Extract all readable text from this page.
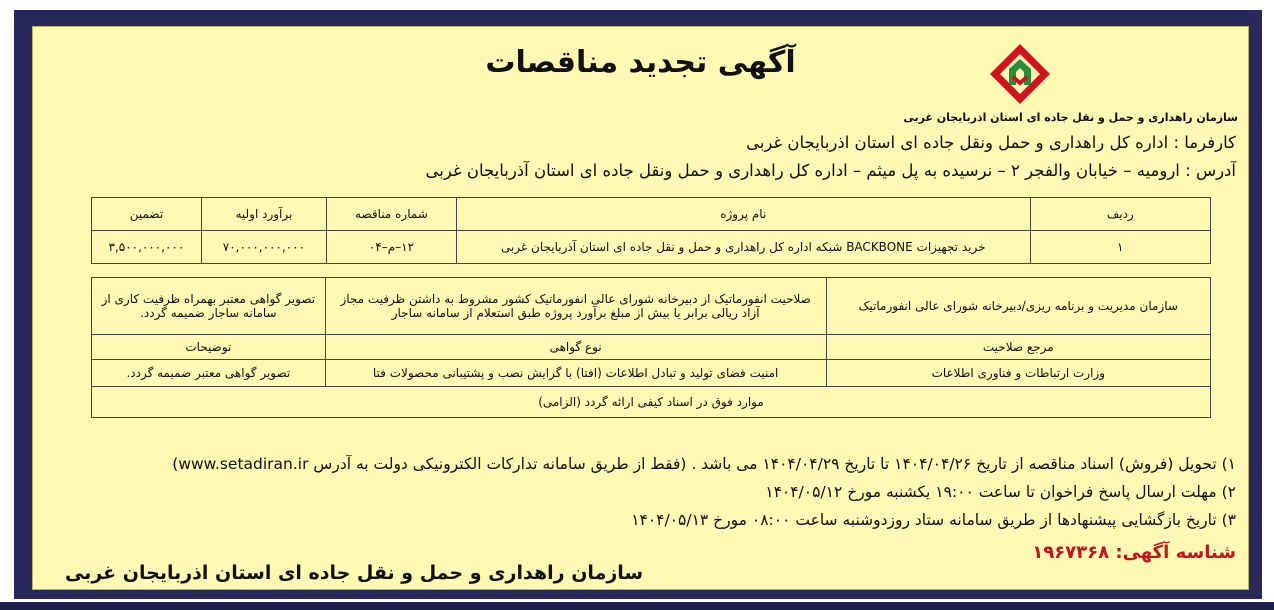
آگهی تجدید مناقصات
سازمان راهداری و حمل و نقل جاده ای استان اذربایجان غربی
کارفرما : اداره کل راهداری و حمل ونقل جاده ای استان اذربایجان غربی
آدرس : ارومیه – خیابان والفجر ۲ – نرسیده به پل میثم – اداره کل راهداری و حمل ونقل جاده ای استان آذربایجان غربی
ردیف	نام پروژه	شماره مناقصه	برآورد اولیه	تضمین
۱	خرید تجهیزات BACKBONE شبکه اداره کل راهداری و حمل و نقل جاده ای استان آذربایجان غربی	۱۲–م–۰۴	۷۰,۰۰۰,۰۰۰,۰۰۰	۳,۵۰۰,۰۰۰,۰۰۰
سازمان مدیریت و برنامه ریزی/دبیرخانه شورای عالی انفورماتیک	صلاحیت انفورماتیک از دبیرخانه شورای عالی انفورماتیک کشور مشروط به داشتن ظرفیت مجاز آزاد ریالی برابر یا بیش از مبلغ برآورد پروژه طبق استعلام از سامانه ساجار	تصویر گواهی معتبر بهمراه ظرفیت کاری از سامانه ساجار ضمیمه گردد.
مرجع صلاحیت	نوع گواهی	توضیحات
وزارت ارتباطات و فناوری اطلاعات	امنیت فضای تولید و تبادل اطلاعات (افتا) با گرایش نصب و پشتیبانی محصولات فتا	تصویر گواهی معتبر ضمیمه گردد.
موارد فوق در اسناد کیفی ارائه گردد (الزامی)		
۱) تحویل (فروش) اسناد مناقصه از تاریخ ۱۴۰۴/۰۴/۲۶ تا تاریخ ۱۴۰۴/۰۴/۲۹ می باشد . (فقط از طریق سامانه تدارکات الکترونیکی دولت به آدرس www.setadiran.ir)
۲) مهلت ارسال پاسخ فراخوان تا ساعت ۱۹:۰۰ یکشنبه مورخ ۱۴۰۴/۰۵/۱۲
۳) تاریخ بازگشایی پیشنهادها از طریق سامانه ستاد روزدوشنبه ساعت ۰۸:۰۰ مورخ ۱۴۰۴/۰۵/۱۳
شناسه آگهی: ۱۹۶۷۳۶۸
سازمان راهداری و حمل و نقل جاده ای استان اذربایجان غربی
